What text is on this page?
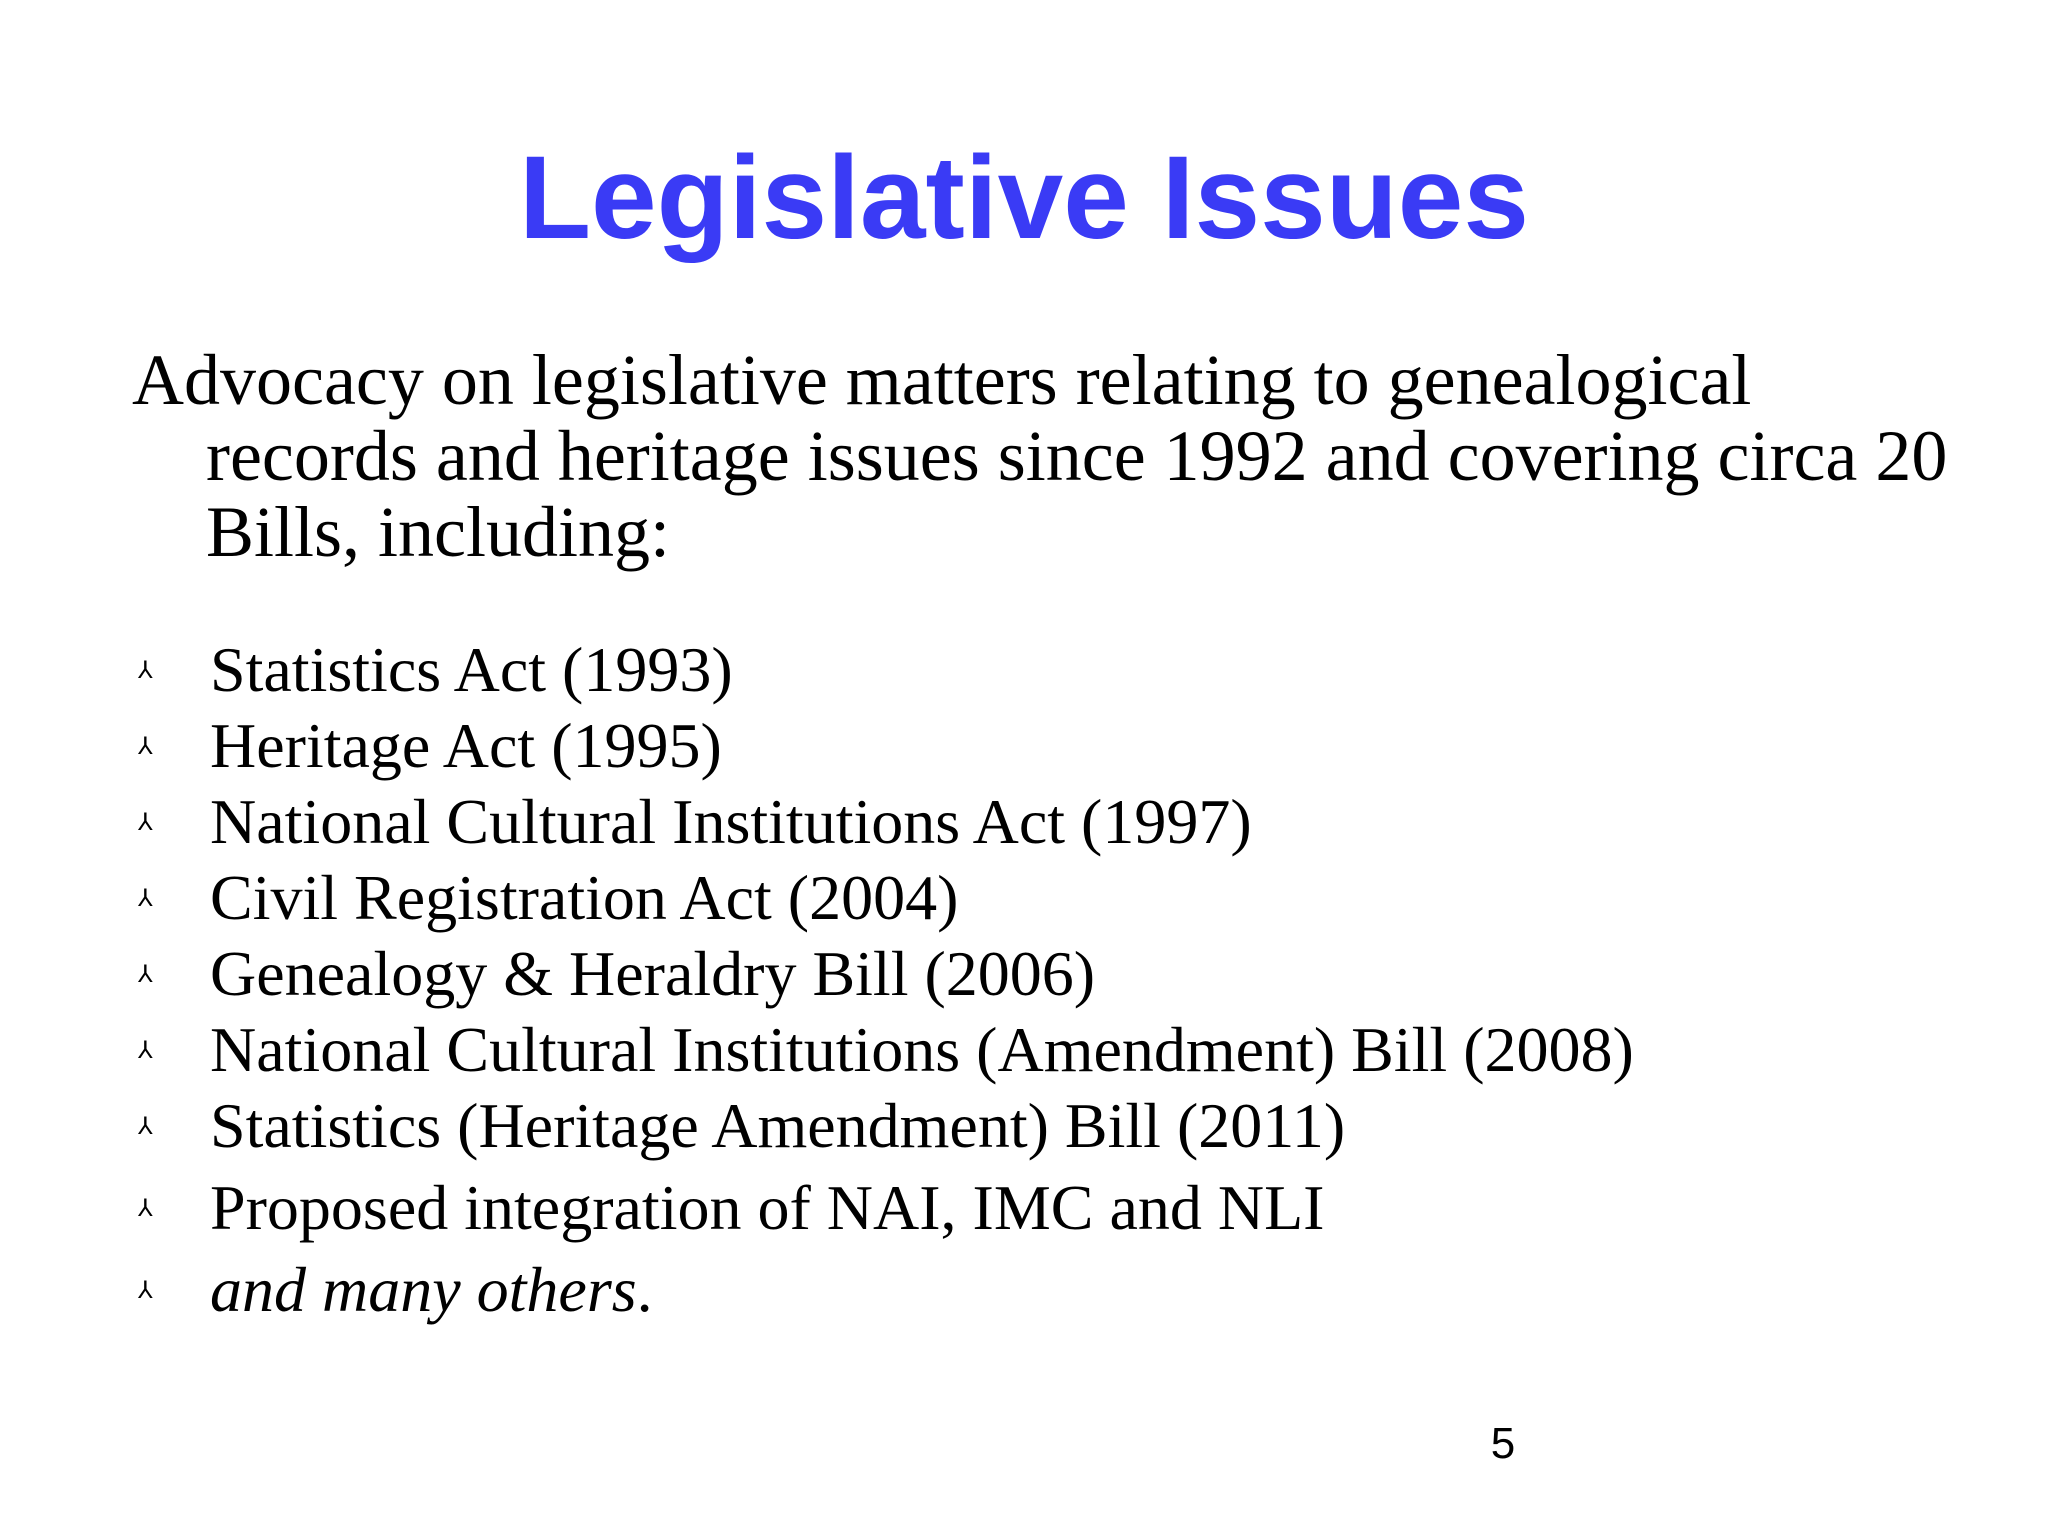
Legislative Issues
Advocacy on legislative matters relating to genealogical records and heritage issues since 1992 and covering circa 20 Bills, including:
⅄ Statistics Act (1993)
⅄ Heritage Act (1995)
⅄ National Cultural Institutions Act (1997)
⅄ Civil Registration Act (2004)
⅄ Genealogy & Heraldry Bill (2006)
⅄ National Cultural Institutions (Amendment) Bill (2008)
⅄ Statistics (Heritage Amendment) Bill (2011)
⅄ Proposed integration of NAI, IMC and NLI
⅄ and many others.
5
